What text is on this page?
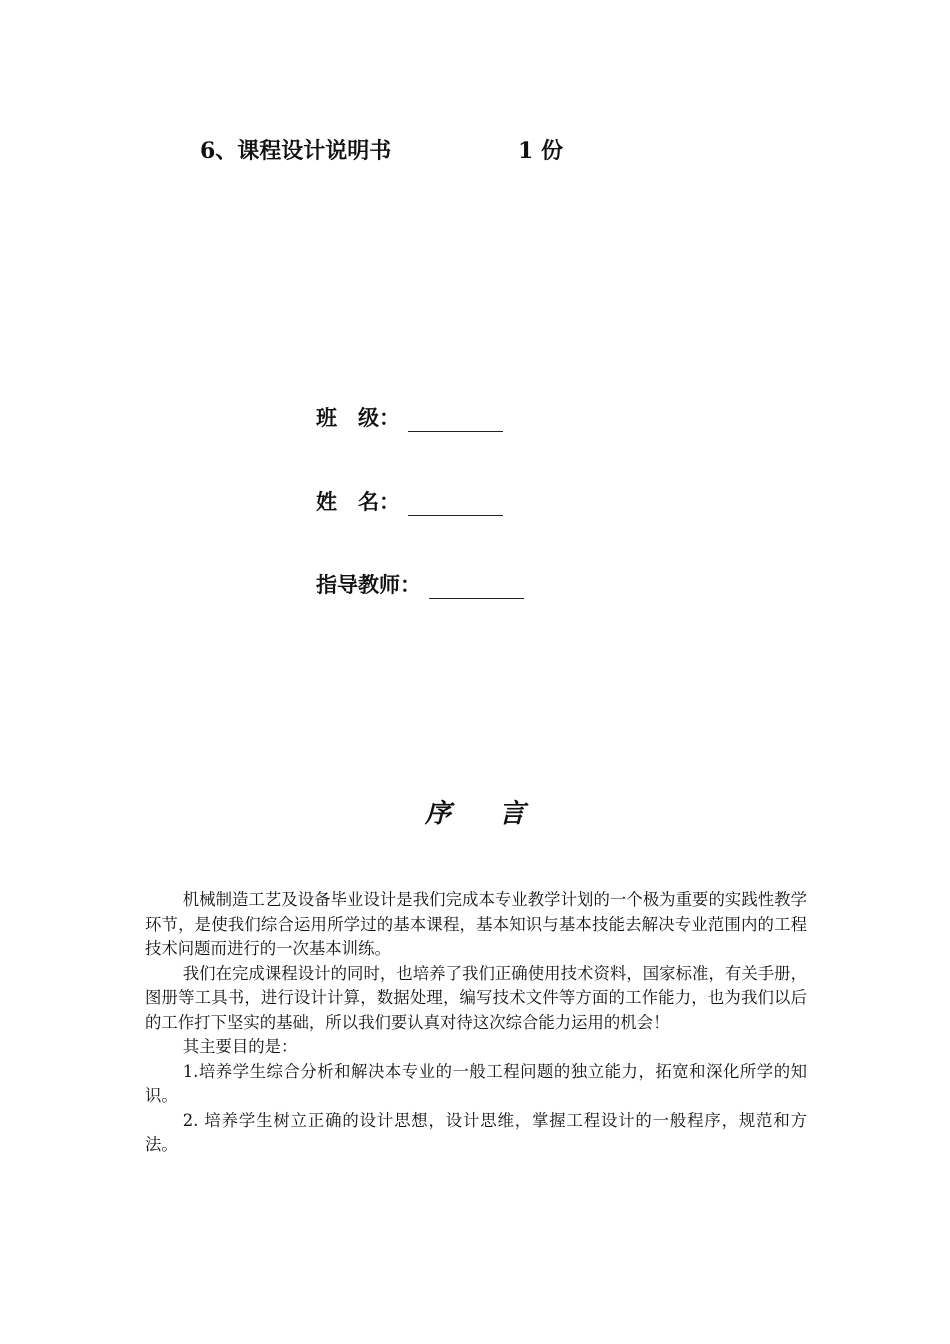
6、课程设计说明书	1 份
班　级：
姓　名：
指导教师：
序言

机械制造工艺及设备毕业设计是我们完成本专业教学计划的一个极为重要的实践性教学环节，是使我们综合运用所学过的基本课程，基本知识与基本技能去解决专业范围内的工程技术问题而进行的一次基本训练。

我们在完成课程设计的同时，也培养了我们正确使用技术资料，国家标准，有关手册，图册等工具书，进行设计计算，数据处理，编写技术文件等方面的工作能力，也为我们以后的工作打下坚实的基础，所以我们要认真对待这次综合能力运用的机会！

其主要目的是：

1.培养学生综合分析和解决本专业的一般工程问题的独立能力，拓宽和深化所学的知识。

2. 培养学生树立正确的设计思想，设计思维，掌握工程设计的一般程序，规范和方法。
